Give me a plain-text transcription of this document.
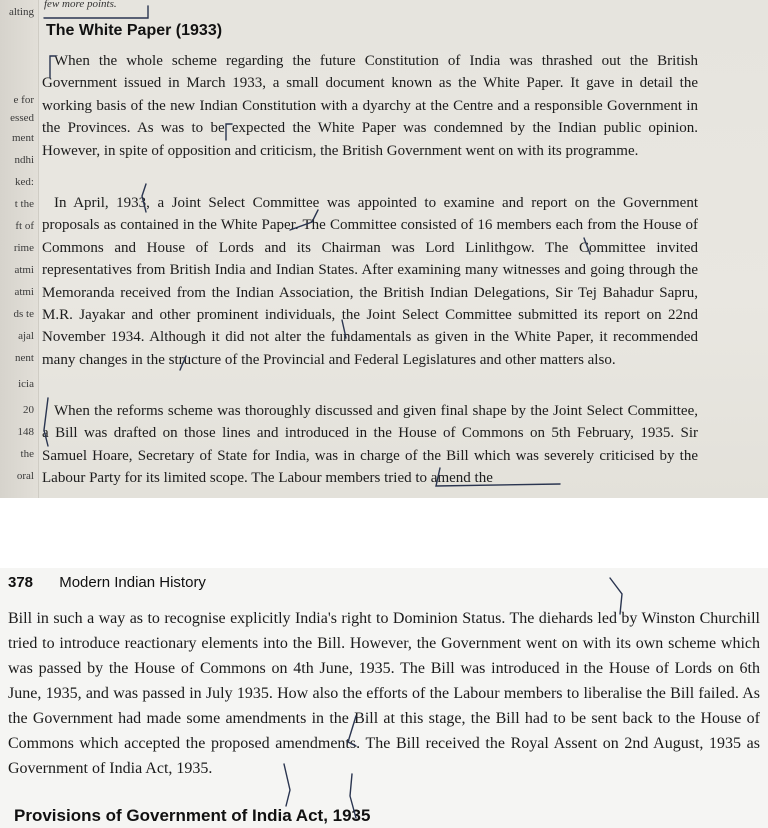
alting
e for
essed
ment
ndhi
ked:
t the
ft of
rime
atmi
atmi
ds te
ajal
nent
icia
20
148
the
oral
few more points.
The White Paper (1933)

When the whole scheme regarding the future Constitution of India was thrashed out the British Government issued in March 1933, a small document known as the White Paper. It gave in detail the working basis of the new Indian Constitution with a dyarchy at the Centre and a responsible Government in the Provinces. As was to be expected the White Paper was condemned by the Indian public opinion. However, in spite of opposition and criticism, the British Government went on with its programme.

In April, 1933, a Joint Select Committee was appointed to examine and report on the Government proposals as contained in the White Paper. The Committee consisted of 16 members each from the House of Commons and House of Lords and its Chairman was Lord Linlithgow. The Committee invited representatives from British India and Indian States. After examining many witnesses and going through the Memoranda received from the Indian Association, the British Indian Delegations, Sir Tej Bahadur Sapru, M.R. Jayakar and other prominent individuals, the Joint Select Committee submitted its report on 22nd November 1934. Although it did not alter the fundamentals as given in the White Paper, it recommended many changes in the structure of the Provincial and Federal Legislatures and other matters also.

When the reforms scheme was thoroughly discussed and given final shape by the Joint Select Committee, a Bill was drafted on those lines and introduced in the House of Commons on 5th February, 1935. Sir Samuel Hoare, Secretary of State for India, was in charge of the Bill which was severely criticised by the Labour Party for its limited scope. The Labour members tried to amend the

378 Modern Indian History

Bill in such a way as to recognise explicitly India's right to Dominion Status. The diehards led by Winston Churchill tried to introduce reactionary elements into the Bill. However, the Government went on with its own scheme which was passed by the House of Commons on 4th June, 1935. The Bill was introduced in the House of Lords on 6th June, 1935, and was passed in July 1935. How also the efforts of the Labour members to liberalise the Bill failed. As the Government had made some amendments in the Bill at this stage, the Bill had to be sent back to the House of Commons which accepted the proposed amendments. The Bill received the Royal Assent on 2nd August, 1935 as Government of India Act, 1935.

Provisions of Government of India Act, 1935
